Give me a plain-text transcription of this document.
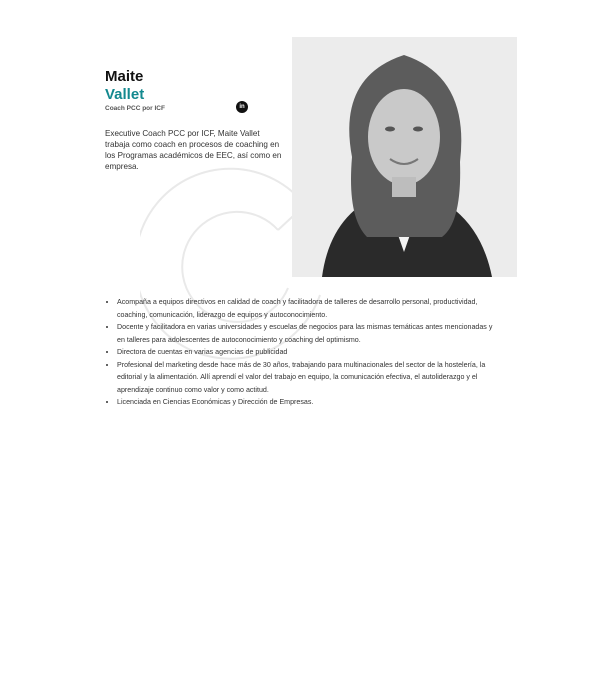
Maite
Vallet
Coach PCC por ICF	in

Executive Coach PCC por ICF, Maite Vallet trabaja como coach en procesos de coaching en los Programas académicos de EEC, así como en empresa.

• Acompaña a equipos directivos en calidad de coach y facilitadora de talleres de desarrollo personal, productividad, coaching, comunicación, liderazgo de equipos y autoconocimiento.
• Docente y facilitadora en varias universidades y escuelas de negocios para las mismas temáticas antes mencionadas y en talleres para adolescentes de autoconocimiento y coaching del optimismo.
• Directora de cuentas en varias agencias de publicidad
• Profesional del marketing desde hace más de 30 años, trabajando para multinacionales del sector de la hostelería, la editorial y la alimentación. Allí aprendí el valor del trabajo en equipo, la comunicación efectiva, el autoliderazgo y el aprendizaje continuo como valor y como actitud.
• Licenciada en Ciencias Económicas y Dirección de Empresas.
